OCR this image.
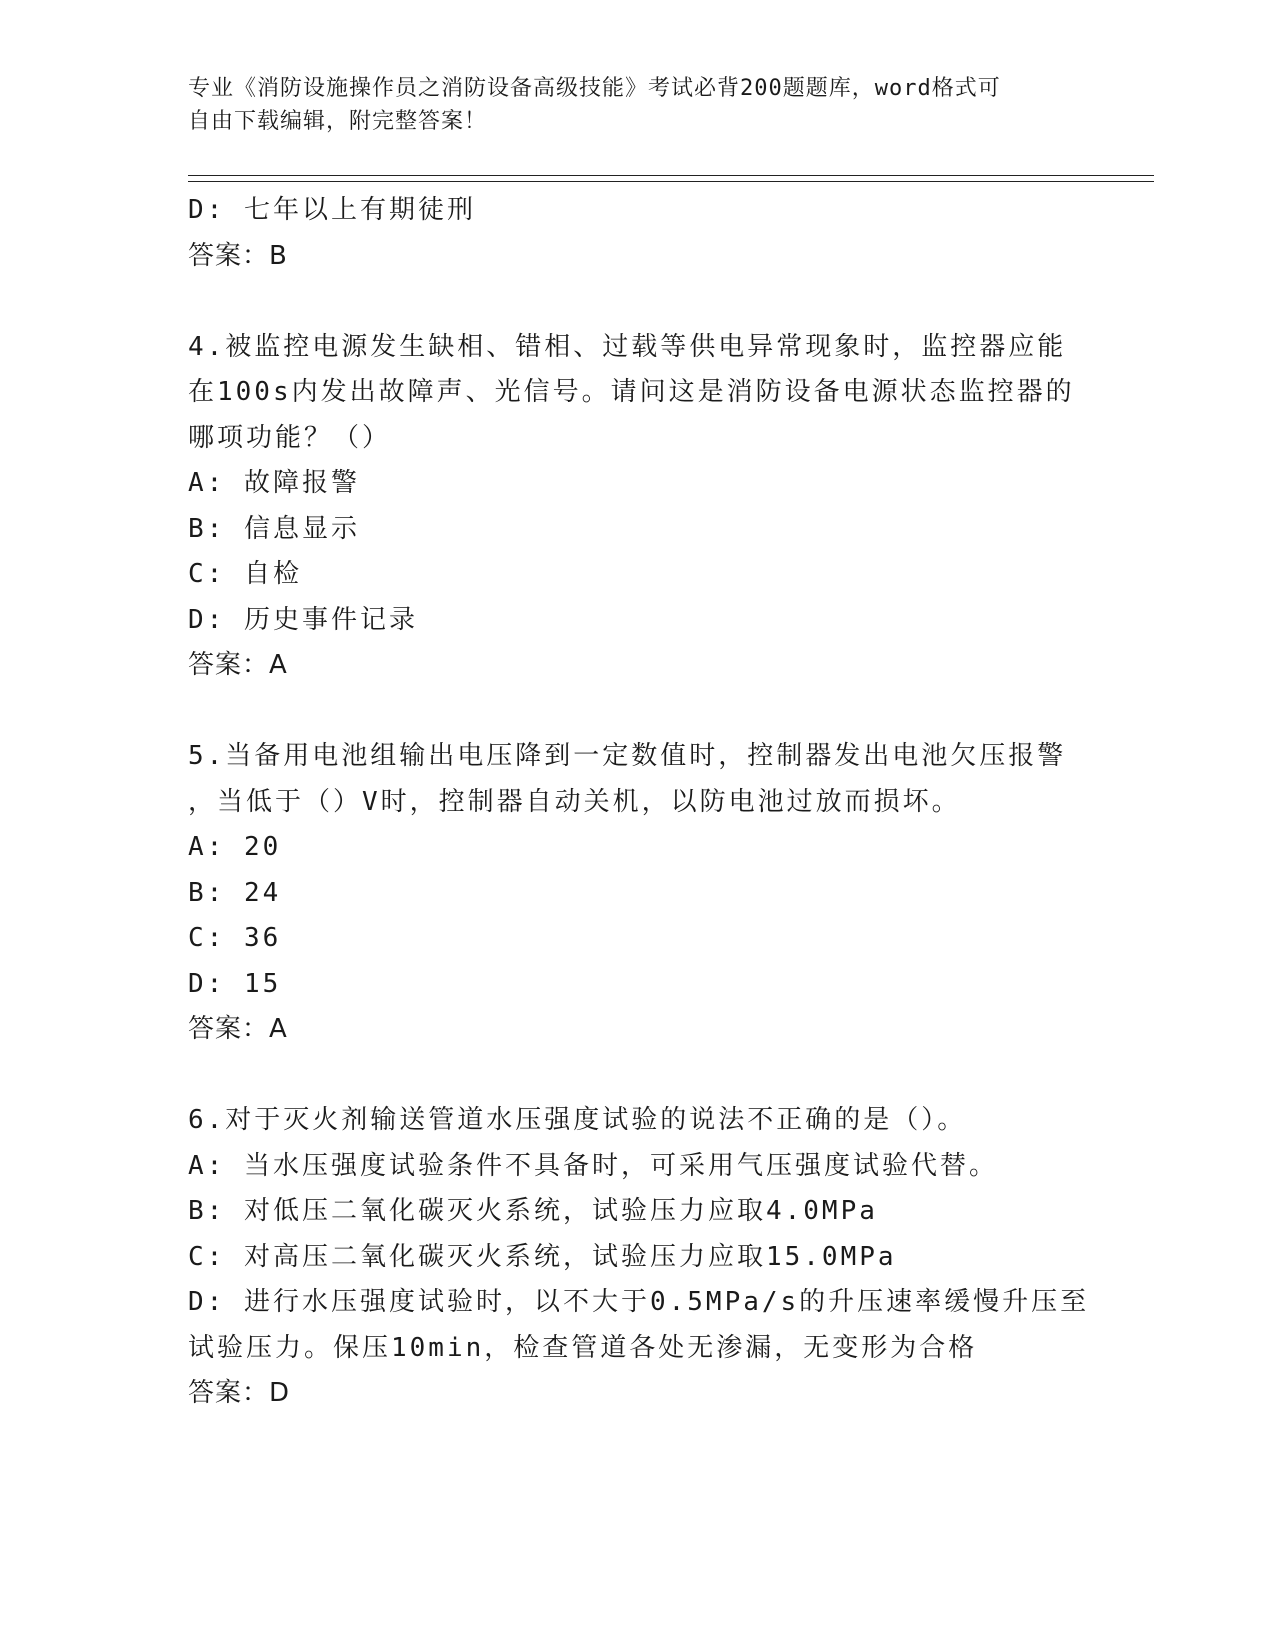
专业《消防设施操作员之消防设备高级技能》考试必背200题题库，word格式可

自由下载编辑，附完整答案！

D: 七年以上有期徒刑

答案：B

4.被监控电源发生缺相、错相、过载等供电异常现象时，监控器应能

在100s内发出故障声、光信号。请问这是消防设备电源状态监控器的

哪项功能？（）

A: 故障报警

B: 信息显示

C: 自检

D: 历史事件记录

答案：A

5.当备用电池组输出电压降到一定数值时，控制器发出电池欠压报警

，当低于（）V时，控制器自动关机，以防电池过放而损坏。

A: 20

B: 24

C: 36

D: 15

答案：A

6.对于灭火剂输送管道水压强度试验的说法不正确的是（）。

A: 当水压强度试验条件不具备时，可采用气压强度试验代替。

B: 对低压二氧化碳灭火系统，试验压力应取4.0MPa

C: 对高压二氧化碳灭火系统，试验压力应取15.0MPa

D: 进行水压强度试验时，以不大于0.5MPa/s的升压速率缓慢升压至

试验压力。保压10min，检查管道各处无渗漏，无变形为合格

答案：D
